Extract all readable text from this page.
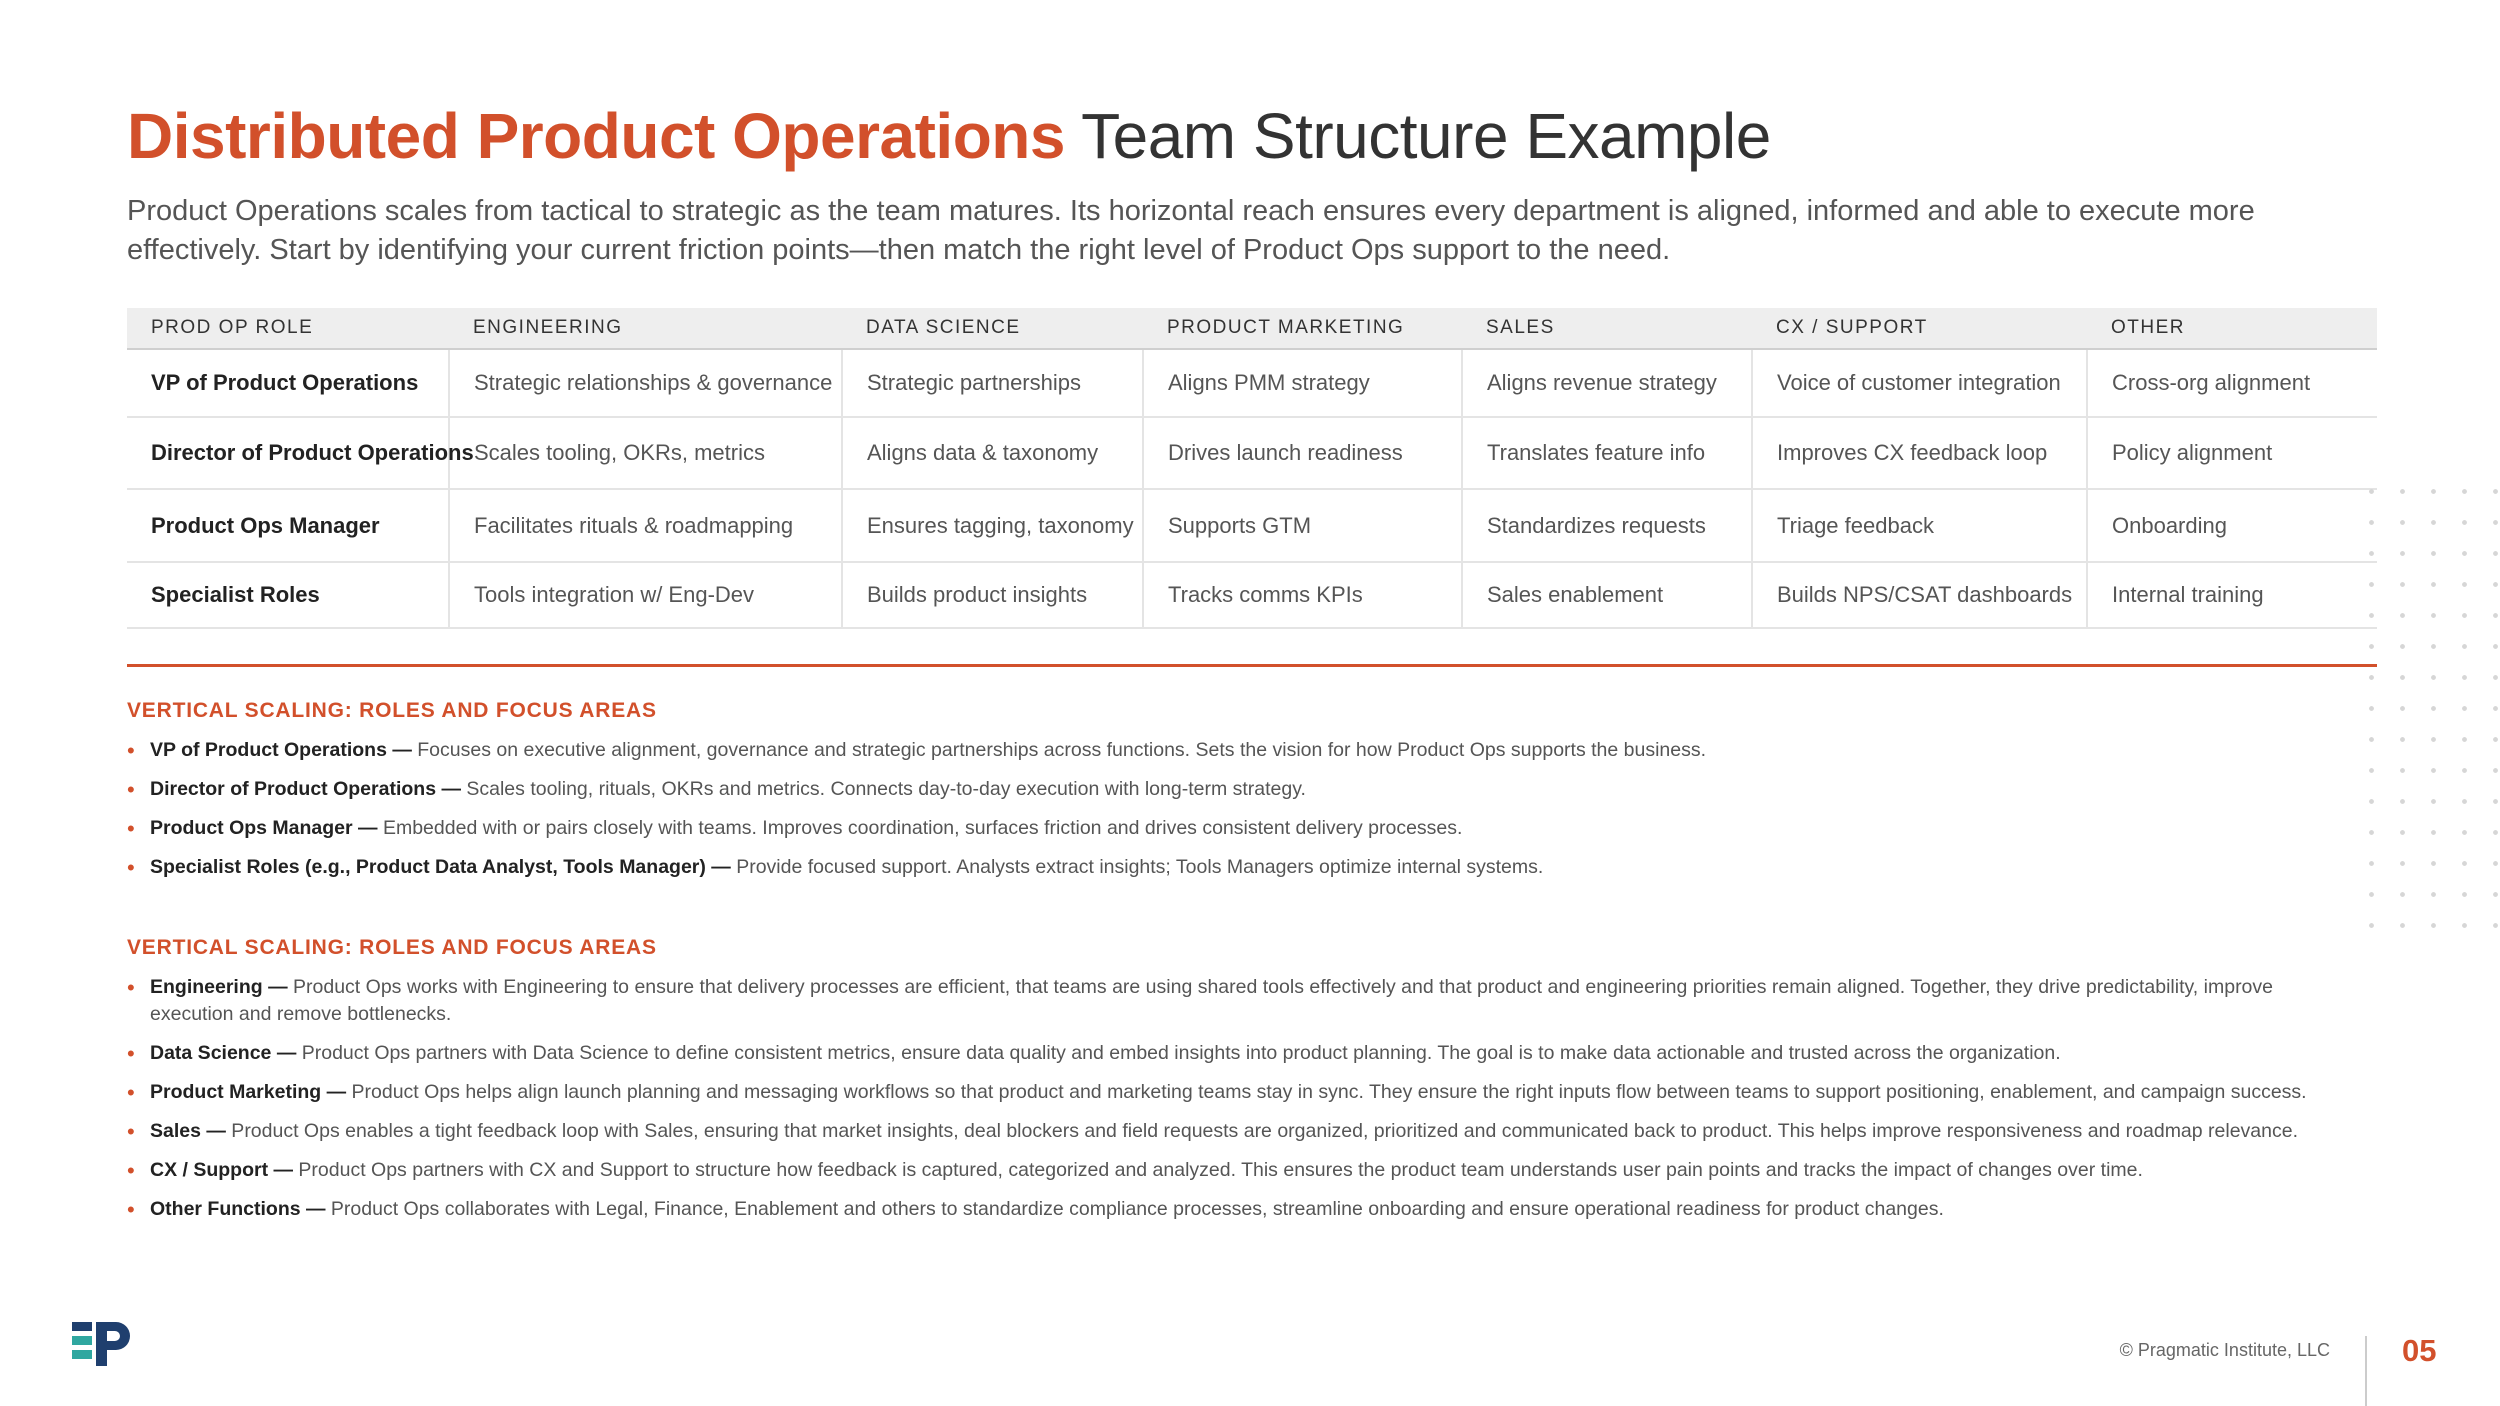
Distributed Product Operations Team Structure Example

Product Operations scales from tactical to strategic as the team matures. Its horizontal reach ensures every department is aligned, informed and able to execute more effectively. Start by identifying your current friction points—then match the right level of Product Ops support to the need.

PROD OP ROLE	ENGINEERING	DATA SCIENCE	PRODUCT MARKETING	SALES	CX / SUPPORT	OTHER
VP of Product Operations	Strategic relationships & governance	Strategic partnerships	Aligns PMM strategy	Aligns revenue strategy	Voice of customer integration	Cross-org alignment
Director of Product Operations	Scales tooling, OKRs, metrics	Aligns data & taxonomy	Drives launch readiness	Translates feature info	Improves CX feedback loop	Policy alignment
Product Ops Manager	Facilitates rituals & roadmapping	Ensures tagging, taxonomy	Supports GTM	Standardizes requests	Triage feedback	Onboarding
Specialist Roles	Tools integration w/ Eng-Dev	Builds product insights	Tracks comms KPIs	Sales enablement	Builds NPS/CSAT dashboards	Internal training
VERTICAL SCALING: ROLES AND FOCUS AREAS
• VP of Product Operations — Focuses on executive alignment, governance and strategic partnerships across functions. Sets the vision for how Product Ops supports the business.
• Director of Product Operations — Scales tooling, rituals, OKRs and metrics. Connects day-to-day execution with long-term strategy.
• Product Ops Manager — Embedded with or pairs closely with teams. Improves coordination, surfaces friction and drives consistent delivery processes.
• Specialist Roles (e.g., Product Data Analyst, Tools Manager) — Provide focused support. Analysts extract insights; Tools Managers optimize internal systems.
VERTICAL SCALING: ROLES AND FOCUS AREAS
• Engineering — Product Ops works with Engineering to ensure that delivery processes are efficient, that teams are using shared tools effectively and that product and engineering priorities remain aligned. Together, they drive predictability, improve execution and remove bottlenecks.
• Data Science — Product Ops partners with Data Science to define consistent metrics, ensure data quality and embed insights into product planning. The goal is to make data actionable and trusted across the organization.
• Product Marketing — Product Ops helps align launch planning and messaging workflows so that product and marketing teams stay in sync. They ensure the right inputs flow between teams to support positioning, enablement, and campaign success.
• Sales — Product Ops enables a tight feedback loop with Sales, ensuring that market insights, deal blockers and field requests are organized, prioritized and communicated back to product. This helps improve responsiveness and roadmap relevance.
• CX / Support — Product Ops partners with CX and Support to structure how feedback is captured, categorized and analyzed. This ensures the product team understands user pain points and tracks the impact of changes over time.
• Other Functions — Product Ops collaborates with Legal, Finance, Enablement and others to standardize compliance processes, streamline onboarding and ensure operational readiness for product changes.
© Pragmatic Institute, LLC 05
